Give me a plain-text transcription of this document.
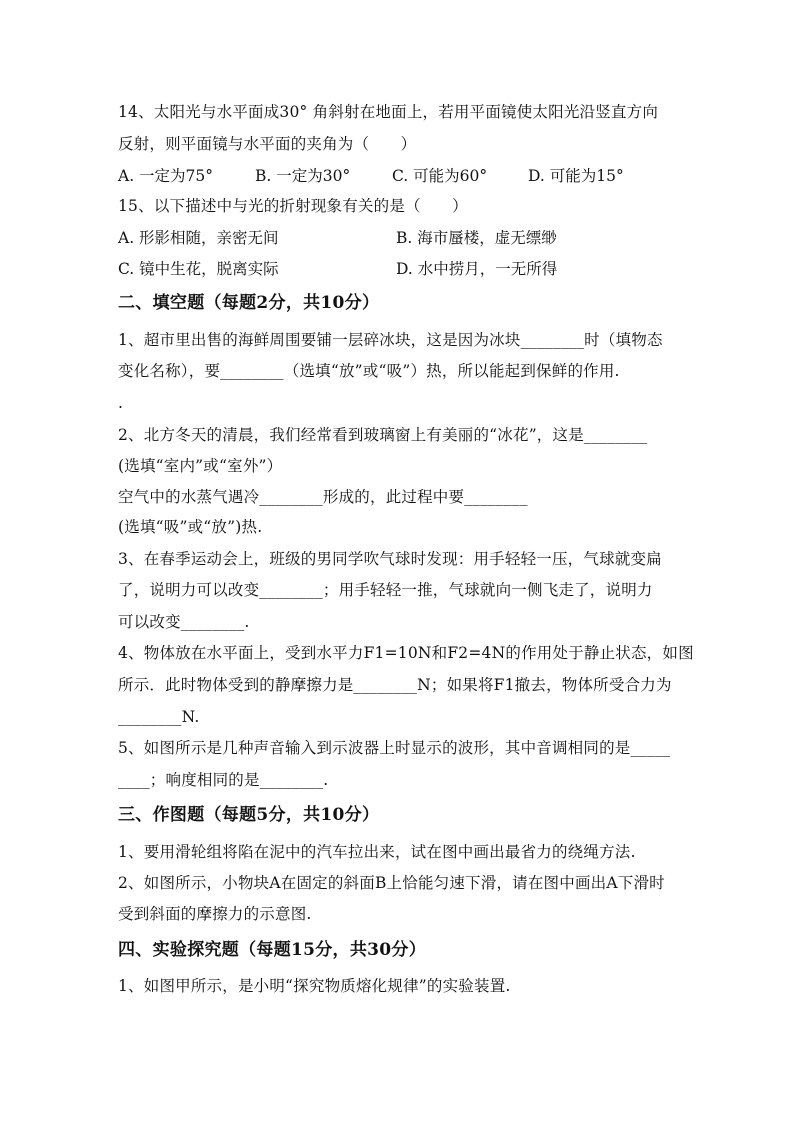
14、太阳光与水平面成30° 角斜射在地面上，若用平面镜使太阳光沿竖直方向
反射，则平面镜与水平面的夹角为（　　）
A. 一定为75°	B. 一定为30°	C. 可能为60°	D. 可能为15°
15、以下描述中与光的折射现象有关的是（　　）
A. 形影相随，亲密无间	B. 海市蜃楼，虚无缥缈
C. 镜中生花，脱离实际	D. 水中捞月，一无所得
二、填空题（每题2分，共10分）
1、超市里出售的海鲜周围要铺一层碎冰块，这是因为冰块________时（填物态
变化名称），要________（选填“放”或“吸”）热，所以能起到保鲜的作用.
.
2、北方冬天的清晨，我们经常看到玻璃窗上有美丽的“冰花”，这是________
(选填“室内”或“室外”）
空气中的水蒸气遇冷________形成的，此过程中要________
(选填“吸”或“放”)热.
3、在春季运动会上，班级的男同学吹气球时发现：用手轻轻一压，气球就变扁
了，说明力可以改变________；用手轻轻一推，气球就向一侧飞走了，说明力
可以改变________.
4、物体放在水平面上，受到水平力F1=10N和F2=4N的作用处于静止状态，如图
所示．此时物体受到的静摩擦力是________N；如果将F1撤去，物体所受合力为
________N.
5、如图所示是几种声音输入到示波器上时显示的波形，其中音调相同的是_____
____；响度相同的是________.
三、作图题（每题5分，共10分）
1、要用滑轮组将陷在泥中的汽车拉出来，试在图中画出最省力的绕绳方法.
2、如图所示，小物块A在固定的斜面B上恰能匀速下滑，请在图中画出A下滑时
受到斜面的摩擦力的示意图.
四、实验探究题（每题15分，共30分）
1、如图甲所示，是小明“探究物质熔化规律”的实验装置.
